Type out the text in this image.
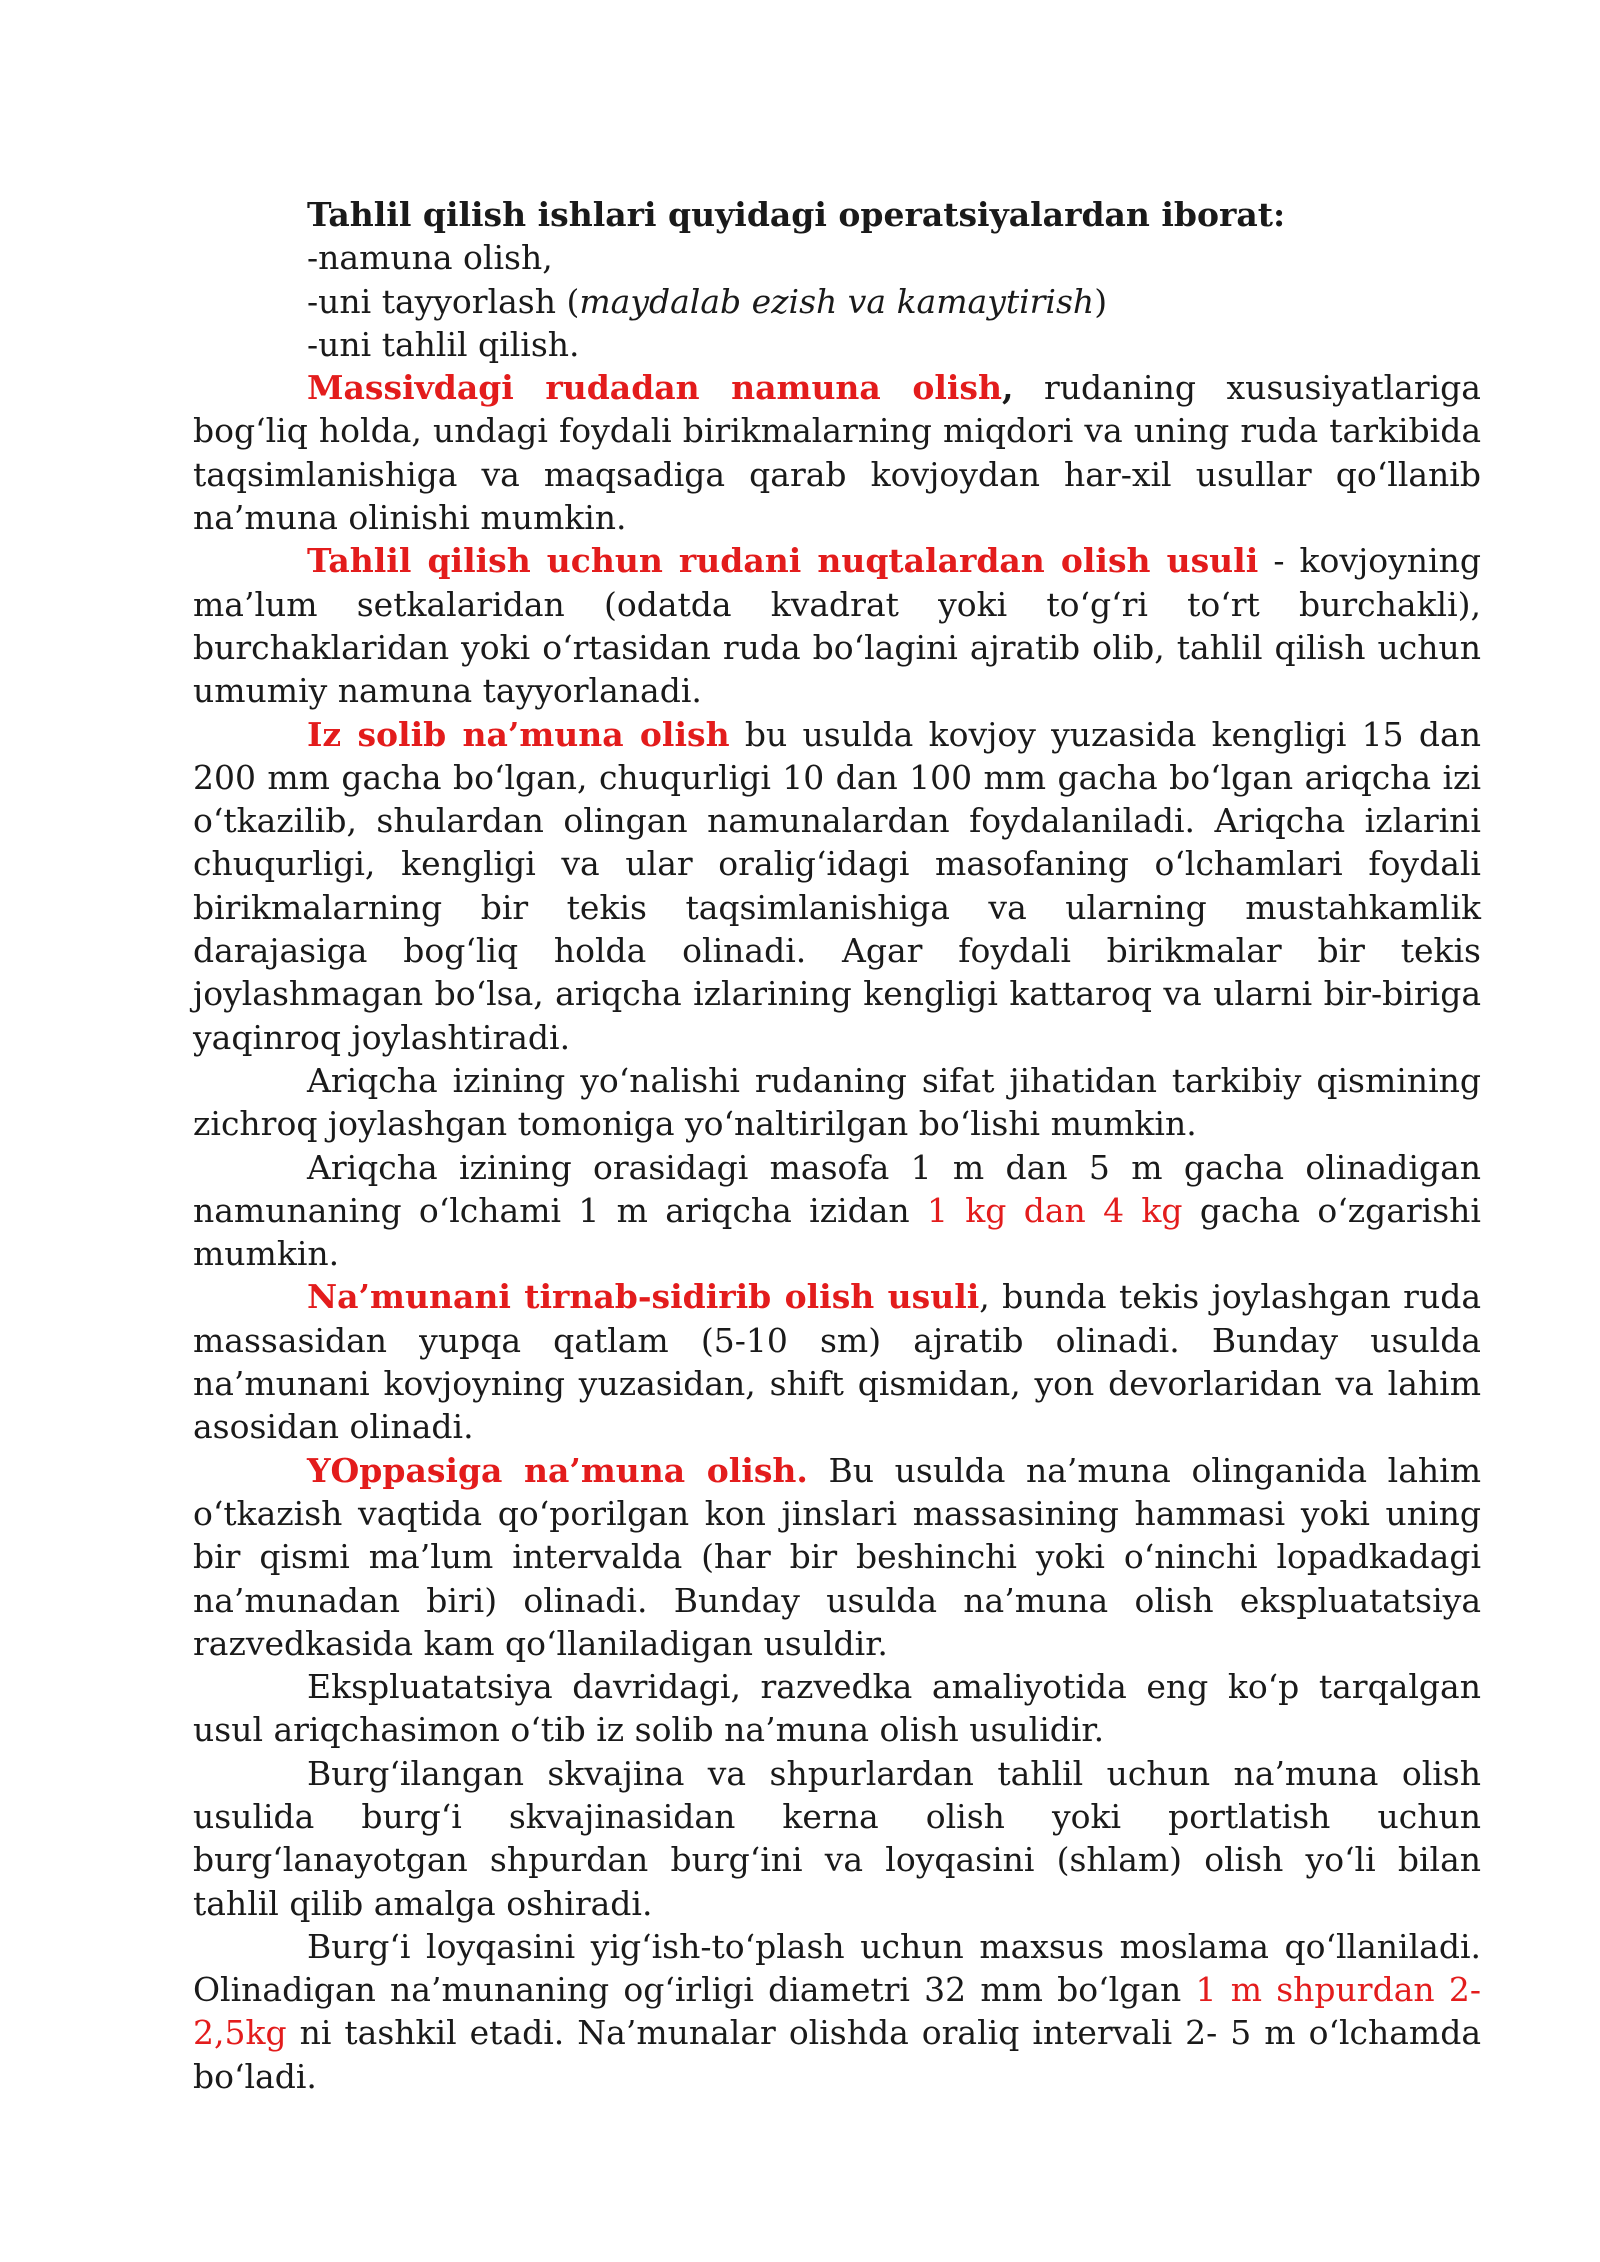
Tahlil qilish ishlari quyidagi operatsiyalardan iborat:
-namuna olish,
-uni tayyorlash (maydalab ezish va kamaytirish)
-uni tahlil qilish.

Massivdagi rudadan namuna olish, rudaning xususiyatlariga bog‘liq holda, undagi foydali birikmalarning miqdori va uning ruda tarkibida taqsimlanishiga va maqsadiga qarab kovjoydan har-xil usullar qo‘llanib na’muna olinishi mumkin.

Tahlil qilish uchun rudani nuqtalardan olish usuli - kovjoyning ma’lum setkalaridan (odatda kvadrat yoki to‘g‘ri to‘rt burchakli), burchaklaridan yoki o‘rtasidan ruda bo‘lagini ajratib olib, tahlil qilish uchun umumiy namuna tayyorlanadi.

Iz solib na’muna olish bu usulda kovjoy yuzasida kengligi 15 dan 200 mm gacha bo‘lgan, chuqurligi 10 dan 100 mm gacha bo‘lgan ariqcha izi o‘tkazilib, shulardan olingan namunalardan foydalaniladi. Ariqcha izlarini chuqurligi, kengligi va ular oralig‘idagi masofaning o‘lchamlari foydali birikmalarning bir tekis taqsimlanishiga va ularning mustahkamlik darajasiga bog‘liq holda olinadi. Agar foydali birikmalar bir tekis joylashmagan bo‘lsa, ariqcha izlarining kengligi kattaroq va ularni bir-biriga yaqinroq joylashtiradi.

Ariqcha izining yo‘nalishi rudaning sifat jihatidan tarkibiy qismining zichroq joylashgan tomoniga yo‘naltirilgan bo‘lishi mumkin.

Ariqcha izining orasidagi masofa 1 m dan 5 m gacha olinadigan namunaning o‘lchami 1 m ariqcha izidan 1 kg dan 4 kg gacha o‘zgarishi mumkin.

Na’munani tirnab-sidirib olish usuli, bunda tekis joylashgan ruda massasidan yupqa qatlam (5-10 sm) ajratib olinadi. Bunday usulda na’munani kovjoyning yuzasidan, shift qismidan, yon devorlaridan va lahim asosidan olinadi.

YOppasiga na’muna olish. Bu usulda na’muna olinganida lahim o‘tkazish vaqtida qo‘porilgan kon jinslari massasining hammasi yoki uning bir qismi ma’lum intervalda (har bir beshinchi yoki o‘ninchi lopadkadagi na’munadan biri) olinadi. Bunday usulda na’muna olish ekspluatatsiya razvedkasida kam qo‘llaniladigan usuldir.

Ekspluatatsiya davridagi, razvedka amaliyotida eng ko‘p tarqalgan usul ariqchasimon o‘tib iz solib na’muna olish usulidir.

Burg‘ilangan skvajina va shpurlardan tahlil uchun na’muna olish usulida burg‘i skvajinasidan kerna olish yoki portlatish uchun burg‘lanayotgan shpurdan burg‘ini va loyqasini (shlam) olish yo‘li bilan tahlil qilib amalga oshiradi.

Burg‘i loyqasini yig‘ish-to‘plash uchun maxsus moslama qo‘llaniladi. Olinadigan na’munaning og‘irligi diametri 32 mm bo‘lgan 1 m shpurdan 2-2,5kg ni tashkil etadi. Na’munalar olishda oraliq intervali 2- 5 m o‘lchamda bo‘ladi.
